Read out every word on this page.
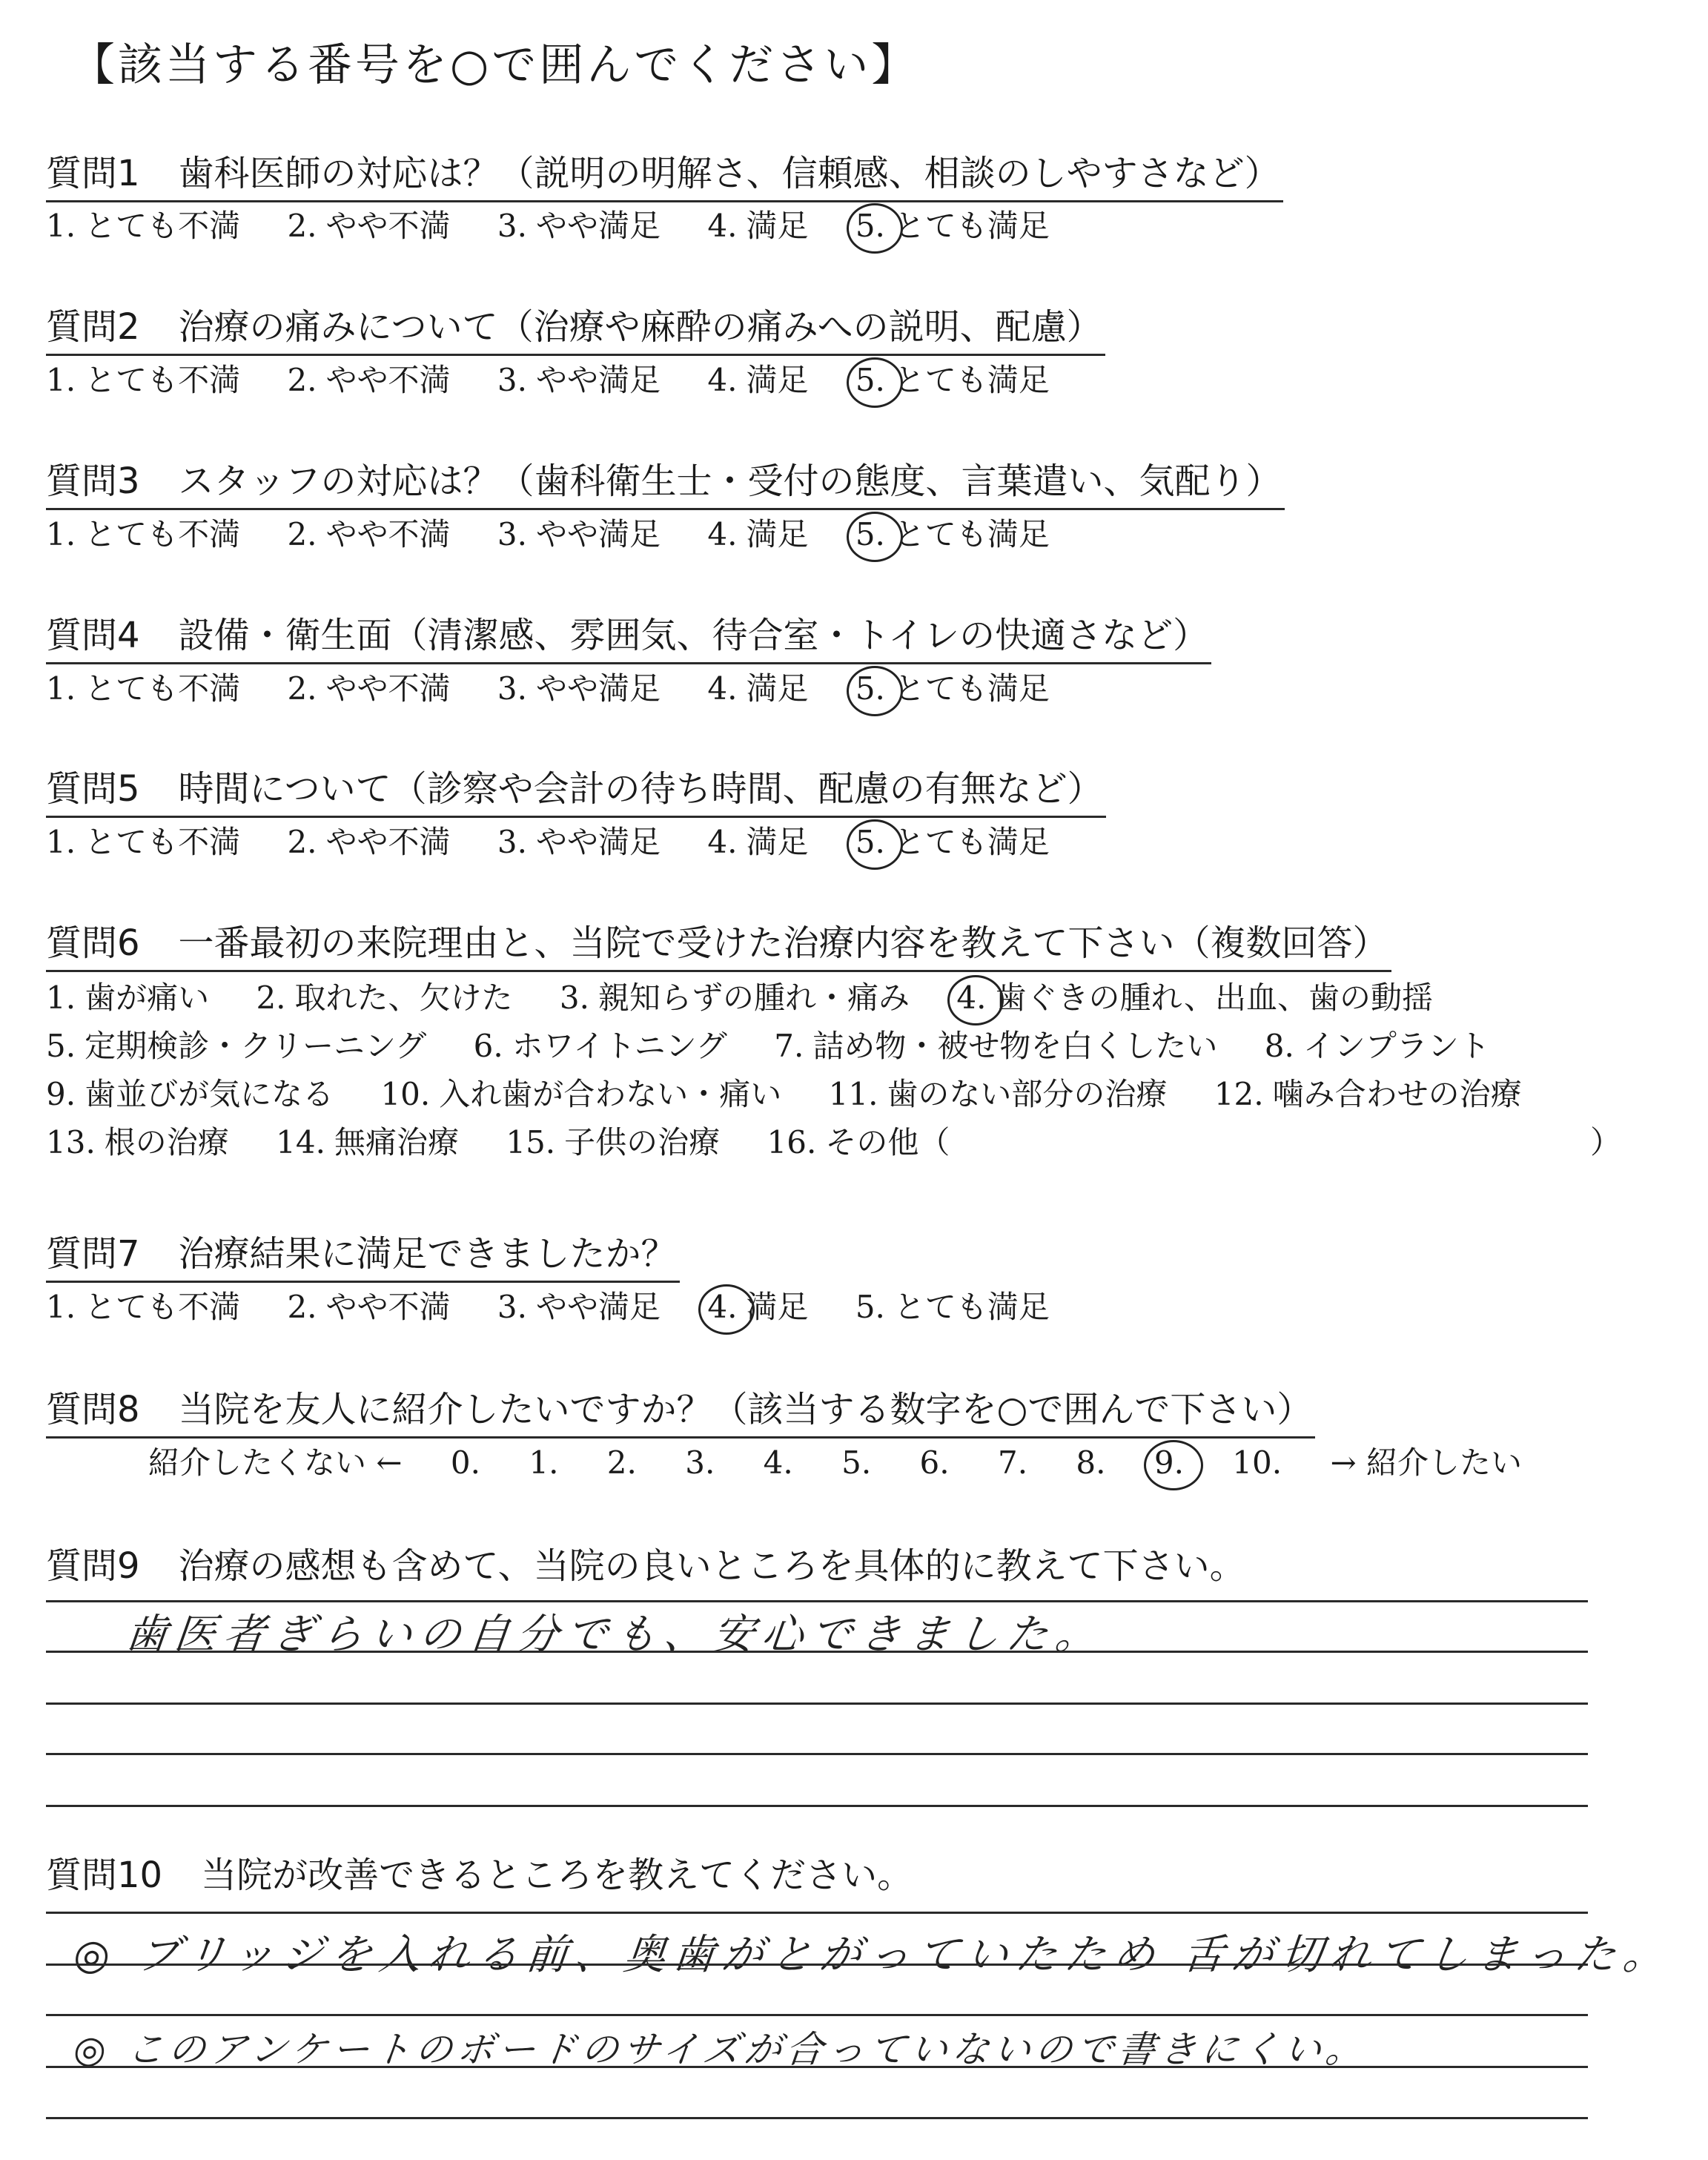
【該当する番号を○で囲んでください】
質問1 歯科医師の対応は？（説明の明解さ、信頼感、相談のしやすさなど）
1. とても不満 2. やや不満 3. やや満足 4. 満足 5. とても満足
質問2 治療の痛みについて（治療や麻酔の痛みへの説明、配慮）
1. とても不満 2. やや不満 3. やや満足 4. 満足 5. とても満足
質問3 スタッフの対応は？（歯科衛生士・受付の態度、言葉遣い、気配り）
1. とても不満 2. やや不満 3. やや満足 4. 満足 5. とても満足
質問4 設備・衛生面（清潔感、雰囲気、待合室・トイレの快適さなど）
1. とても不満 2. やや不満 3. やや満足 4. 満足 5. とても満足
質問5 時間について（診察や会計の待ち時間、配慮の有無など）
1. とても不満 2. やや不満 3. やや満足 4. 満足 5. とても満足
質問6 一番最初の来院理由と、当院で受けた治療内容を教えて下さい（複数回答）
1. 歯が痛い 2. 取れた、欠けた 3. 親知らずの腫れ・痛み 4. 歯ぐきの腫れ、出血、歯の動揺
5. 定期検診・クリーニング 6. ホワイトニング 7. 詰め物・被せ物を白くしたい 8. インプラント
9. 歯並びが気になる 10. 入れ歯が合わない・痛い 11. 歯のない部分の治療 12. 噛み合わせの治療
13. 根の治療 14. 無痛治療 15. 子供の治療 16. その他（	）
質問7 治療結果に満足できましたか？
1. とても不満 2. やや不満 3. やや満足 4. 満足 5. とても満足
質問8 当院を友人に紹介したいですか？（該当する数字を○で囲んで下さい）
紹介したくない ← 0. 1. 2. 3. 4. 5. 6. 7. 8. 9. 10. → 紹介したい
質問9 治療の感想も含めて、当院の良いところを具体的に教えて下さい。
歯医者ぎらいの自分でも、安心できました。
質問10 当院が改善できるところを教えてください。
◎ ブリッジを入れる前、奥歯がとがっていたため 舌が切れてしまった。
◎ このアンケートのボードのサイズが合っていないので書きにくい。
